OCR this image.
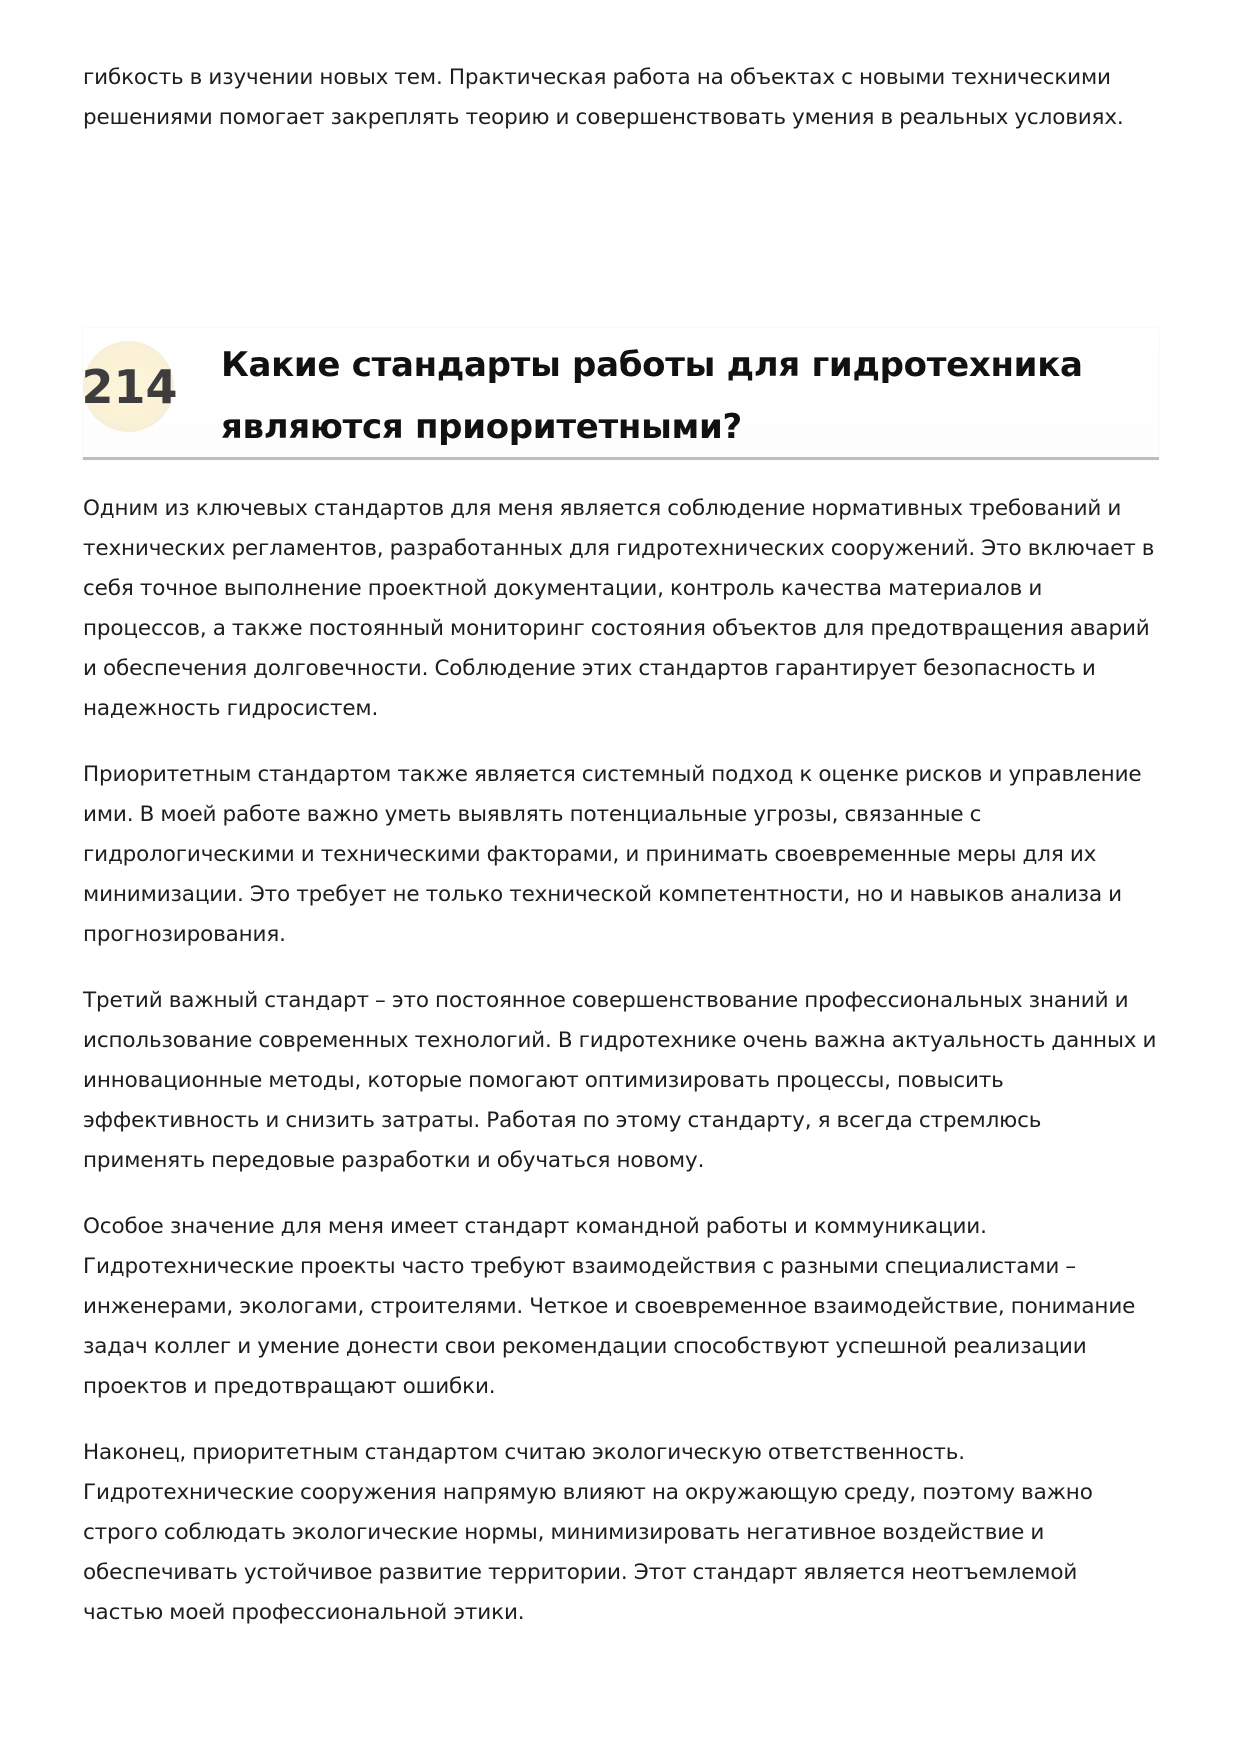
гибкость в изучении новых тем. Практическая работа на объектах с новыми техническими решениями помогает закреплять теорию и совершенствовать умения в реальных условиях.

214 Какие стандарты работы для гидротехника являются приоритетными?

Одним из ключевых стандартов для меня является соблюдение нормативных требований и технических регламентов, разработанных для гидротехнических сооружений. Это включает в себя точное выполнение проектной документации, контроль качества материалов и процессов, а также постоянный мониторинг состояния объектов для предотвращения аварий и обеспечения долговечности. Соблюдение этих стандартов гарантирует безопасность и надежность гидросистем.

Приоритетным стандартом также является системный подход к оценке рисков и управление ими. В моей работе важно уметь выявлять потенциальные угрозы, связанные с гидрологическими и техническими факторами, и принимать своевременные меры для их минимизации. Это требует не только технической компетентности, но и навыков анализа и прогнозирования.

Третий важный стандарт – это постоянное совершенствование профессиональных знаний и использование современных технологий. В гидротехнике очень важна актуальность данных и инновационные методы, которые помогают оптимизировать процессы, повысить эффективность и снизить затраты. Работая по этому стандарту, я всегда стремлюсь применять передовые разработки и обучаться новому.

Особое значение для меня имеет стандарт командной работы и коммуникации. Гидротехнические проекты часто требуют взаимодействия с разными специалистами – инженерами, экологами, строителями. Четкое и своевременное взаимодействие, понимание задач коллег и умение донести свои рекомендации способствуют успешной реализации проектов и предотвращают ошибки.

Наконец, приоритетным стандартом считаю экологическую ответственность. Гидротехнические сооружения напрямую влияют на окружающую среду, поэтому важно строго соблюдать экологические нормы, минимизировать негативное воздействие и обеспечивать устойчивое развитие территории. Этот стандарт является неотъемлемой частью моей профессиональной этики.
